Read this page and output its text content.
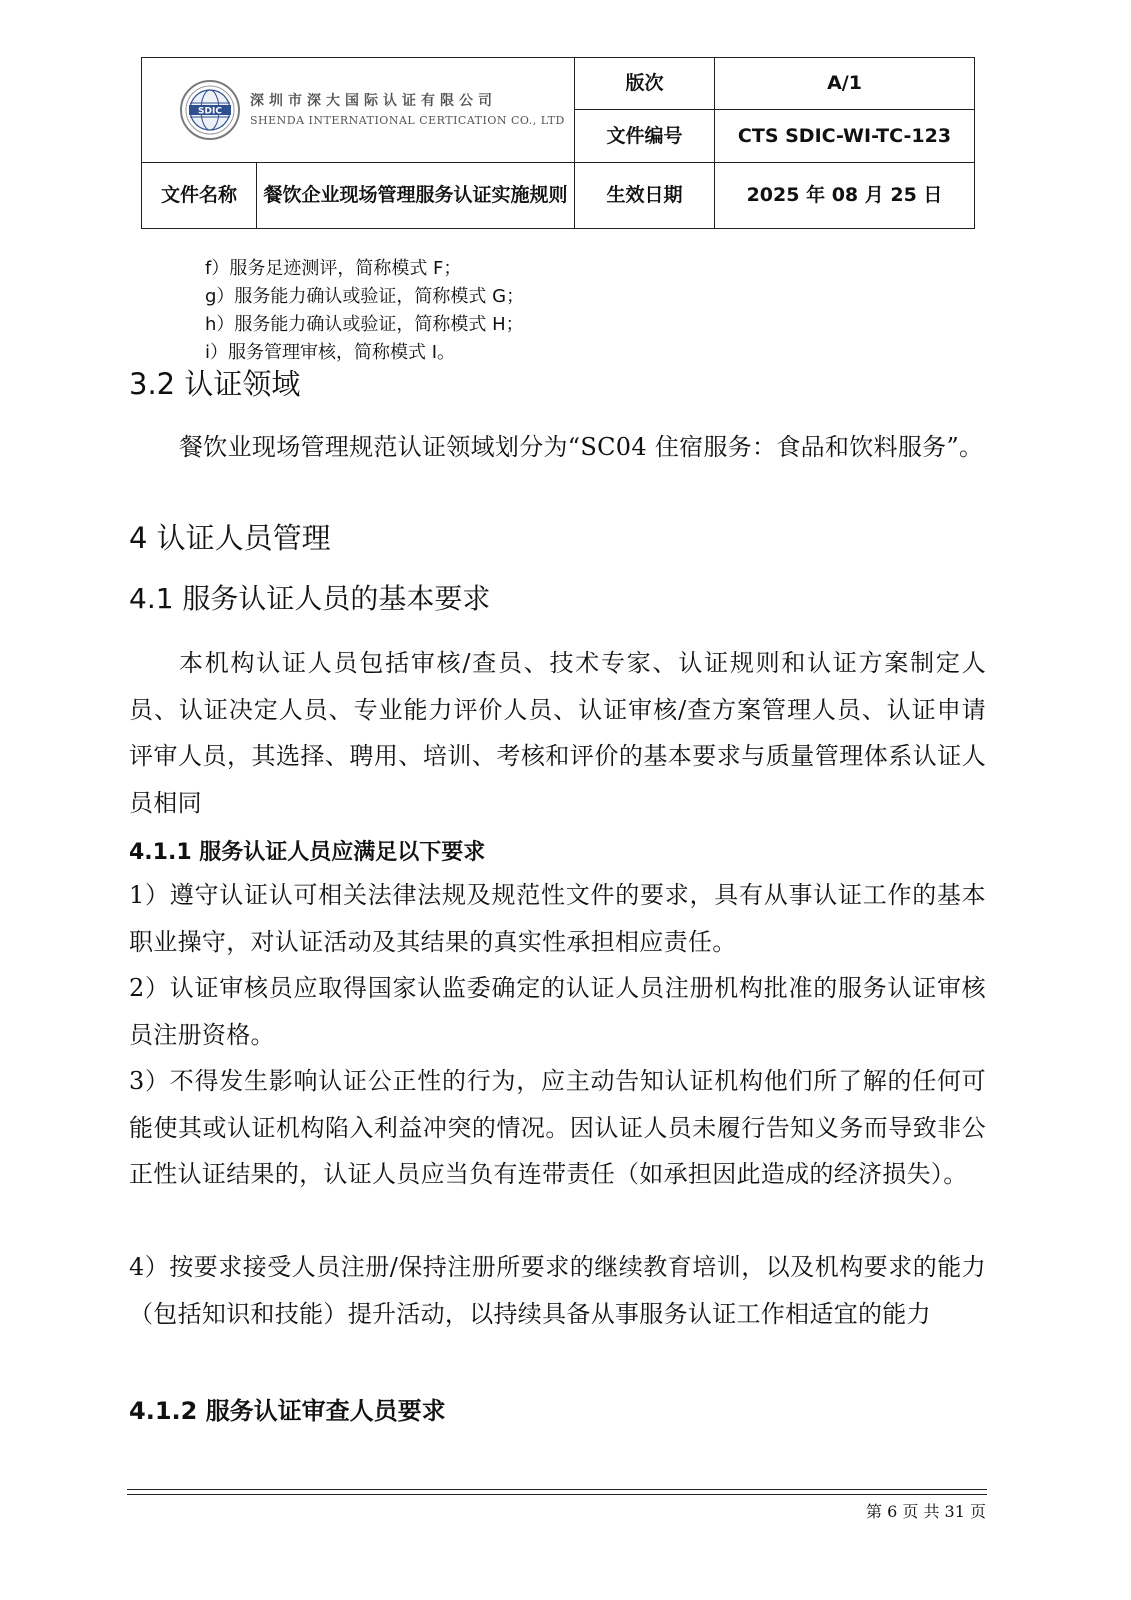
SDIC
深圳市深大国际认证有限公司
SHENDA INTERNATIONAL CERTICATION CO., LTD		版次	A/1
		文件编号	CTS SDIC-WI-TC-123
文件名称	餐饮企业现场管理服务认证实施规则	生效日期	2025 年 08 月 25 日
f）服务足迹测评，简称模式 F；
g）服务能力确认或验证，简称模式 G；
h）服务能力确认或验证，简称模式 H；
i）服务管理审核，简称模式 I。
3.2 认证领域

餐饮业现场管理规范认证领域划分为“SC04 住宿服务：食品和饮料服务”。

4 认证人员管理
4.1 服务认证人员的基本要求

本机构认证人员包括审核/查员、技术专家、认证规则和认证方案制定人员、认证决定人员、专业能力评价人员、认证审核/查方案管理人员、认证申请评审人员，其选择、聘用、培训、考核和评价的基本要求与质量管理体系认证人员相同

4.1.1 服务认证人员应满足以下要求

1）遵守认证认可相关法律法规及规范性文件的要求，具有从事认证工作的基本职业操守，对认证活动及其结果的真实性承担相应责任。

2）认证审核员应取得国家认监委确定的认证人员注册机构批准的服务认证审核员注册资格。

3）不得发生影响认证公正性的行为，应主动告知认证机构他们所了解的任何可能使其或认证机构陷入利益冲突的情况。因认证人员未履行告知义务而导致非公正性认证结果的，认证人员应当负有连带责任（如承担因此造成的经济损失）。

4）按要求接受人员注册/保持注册所要求的继续教育培训，以及机构要求的能力（包括知识和技能）提升活动，以持续具备从事服务认证工作相适宜的能力

4.1.2 服务认证审查人员要求
第 6 页 共 31 页
